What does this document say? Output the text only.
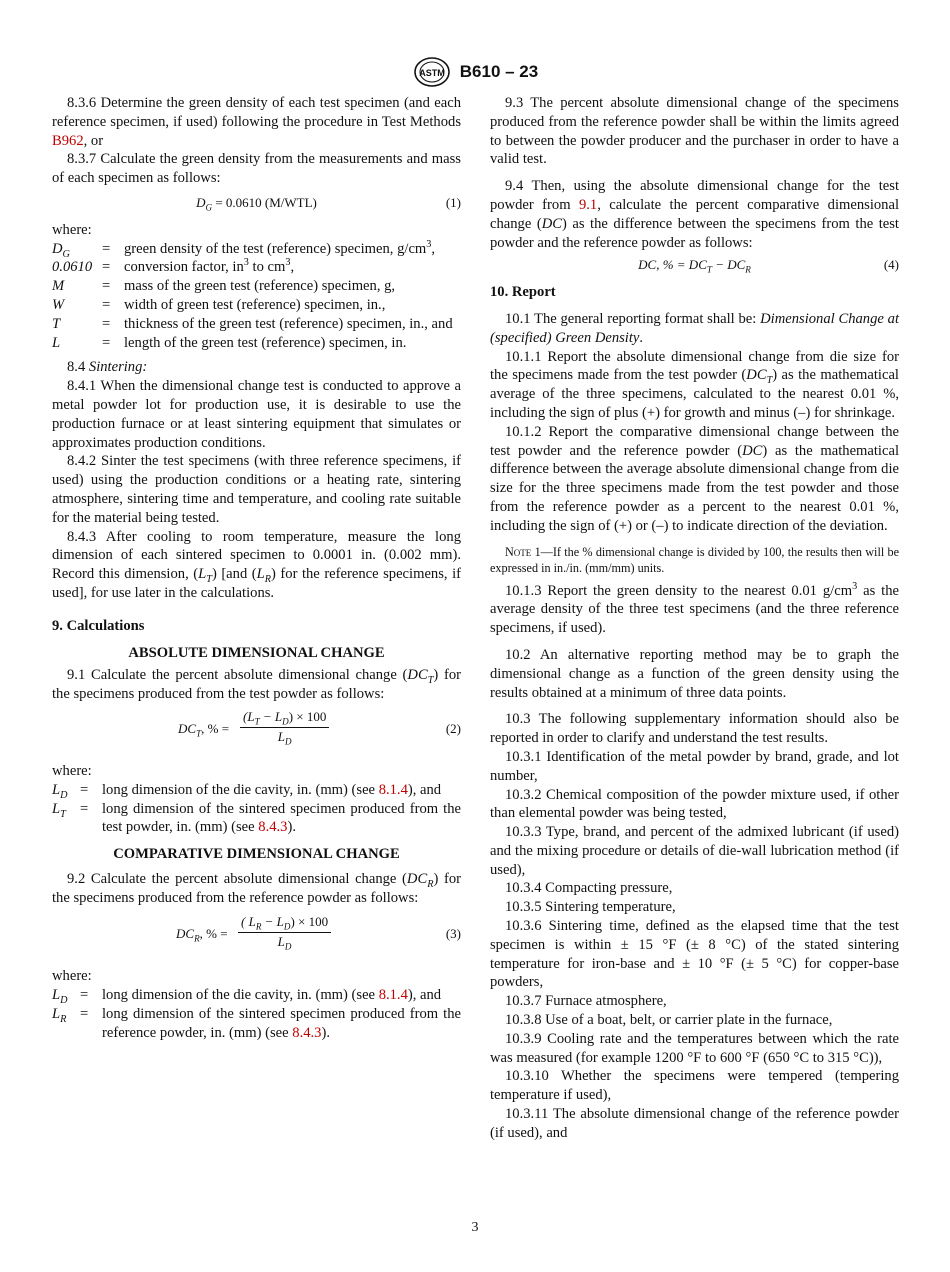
ASTM B610 – 23

8.3.6 Determine the green density of each test specimen (and each reference specimen, if used) following the procedure in Test Methods B962, or

8.3.7 Calculate the green density from the measurements and mass of each specimen as follows:

$D_G = 0.0610$ (M/WTL)	(1)

where:

$D_G$	=	green density of the test (reference) specimen, $g/cm^3$,
0.0610	=	conversion factor, $in^3$ to $cm^3$,
M	=	mass of the green test (reference) specimen, g,
W	=	width of green test (reference) specimen, in.,
T	=	thickness of the green test (reference) specimen, in., and
L	=	length of the green test (reference) specimen, in.

8.4 Sintering:

8.4.1 When the dimensional change test is conducted to approve a metal powder lot for production use, it is desirable to use the production furnace or at least sintering equipment that simulates or approximates production conditions.

8.4.2 Sinter the test specimens (with three reference specimens, if used) using the production conditions or a heating rate, sintering atmosphere, sintering time and temperature, and cooling rate suitable for the material being tested.

8.4.3 After cooling to room temperature, measure the long dimension of each sintered specimen to 0.0001 in. (0.002 mm). Record this dimension, $(L_T)$ [and $(L_R)$ for the reference specimens, if used], for use later in the calculations.

9. Calculations
ABSOLUTE DIMENSIONAL CHANGE

9.1 Calculate the percent absolute dimensional change $(DC_T)$ for the specimens produced from the test powder as follows:

$DC_T$, % = $\frac{(L_T - L_D) \times 100}{L_D}$	(2)

where:

$L_D$	=	long dimension of the die cavity, in. (mm) (see 8.1.4), and
$L_T$	=	long dimension of the sintered specimen produced from the test powder, in. (mm) (see 8.4.3).
COMPARATIVE DIMENSIONAL CHANGE

9.2 Calculate the percent absolute dimensional change $(DC_R)$ for the specimens produced from the reference powder as follows:

$DC_R$, % = $\frac{( L_R - L_D) \times 100}{L_D}$	(3)

where:

$L_D$	=	long dimension of the die cavity, in. (mm) (see 8.1.4), and
$L_R$	=	long dimension of the sintered specimen produced from the reference powder, in. (mm) (see 8.4.3).

9.3 The percent absolute dimensional change of the specimens produced from the reference powder shall be within the limits agreed to between the powder producer and the purchaser in order to have a valid test.

9.4 Then, using the absolute dimensional change for the test powder from 9.1, calculate the percent comparative dimensional change (DC) as the difference between the specimens from the test powder and the reference powder as follows:

DC, % = $DC_T - DC_R$	(4)
10. Report

10.1 The general reporting format shall be: Dimensional Change at (specified) Green Density.

10.1.1 Report the absolute dimensional change from die size for the specimens made from the test powder $(DC_T)$ as the mathematical average of the three specimens, calculated to the nearest 0.01 %, including the sign of plus (+) for growth and minus (–) for shrinkage.

10.1.2 Report the comparative dimensional change between the test powder and the reference powder (DC) as the mathematical difference between the average absolute dimensional change from die size for the three specimens made from the test powder and those from the reference powder as a percent to the nearest 0.01 %, including the sign of (+) or (–) to indicate direction of the deviation.

Note 1—If the % dimensional change is divided by 100, the results then will be expressed in in./in. (mm/mm) units.

10.1.3 Report the green density to the nearest 0.01 $g/cm^3$ as the average density of the three test specimens (and the three reference specimens, if used).

10.2 An alternative reporting method may be to graph the dimensional change as a function of the green density using the results obtained at a minimum of three data points.

10.3 The following supplementary information should also be reported in order to clarify and understand the test results.

10.3.1 Identification of the metal powder by brand, grade, and lot number,

10.3.2 Chemical composition of the powder mixture used, if other than elemental powder was being tested,

10.3.3 Type, brand, and percent of the admixed lubricant (if used) and the mixing procedure or details of die-wall lubrication method (if used),

10.3.4 Compacting pressure,

10.3.5 Sintering temperature,

10.3.6 Sintering time, defined as the elapsed time that the test specimen is within ± 15 °F (± 8 °C) of the stated sintering temperature for iron-base and ± 10 °F (± 5 °C) for copper-base powders,

10.3.7 Furnace atmosphere,

10.3.8 Use of a boat, belt, or carrier plate in the furnace,

10.3.9 Cooling rate and the temperatures between which the rate was measured (for example 1200 °F to 600 °F (650 °C to 315 °C)),

10.3.10 Whether the specimens were tempered (tempering temperature if used),

10.3.11 The absolute dimensional change of the reference powder (if used), and

3
